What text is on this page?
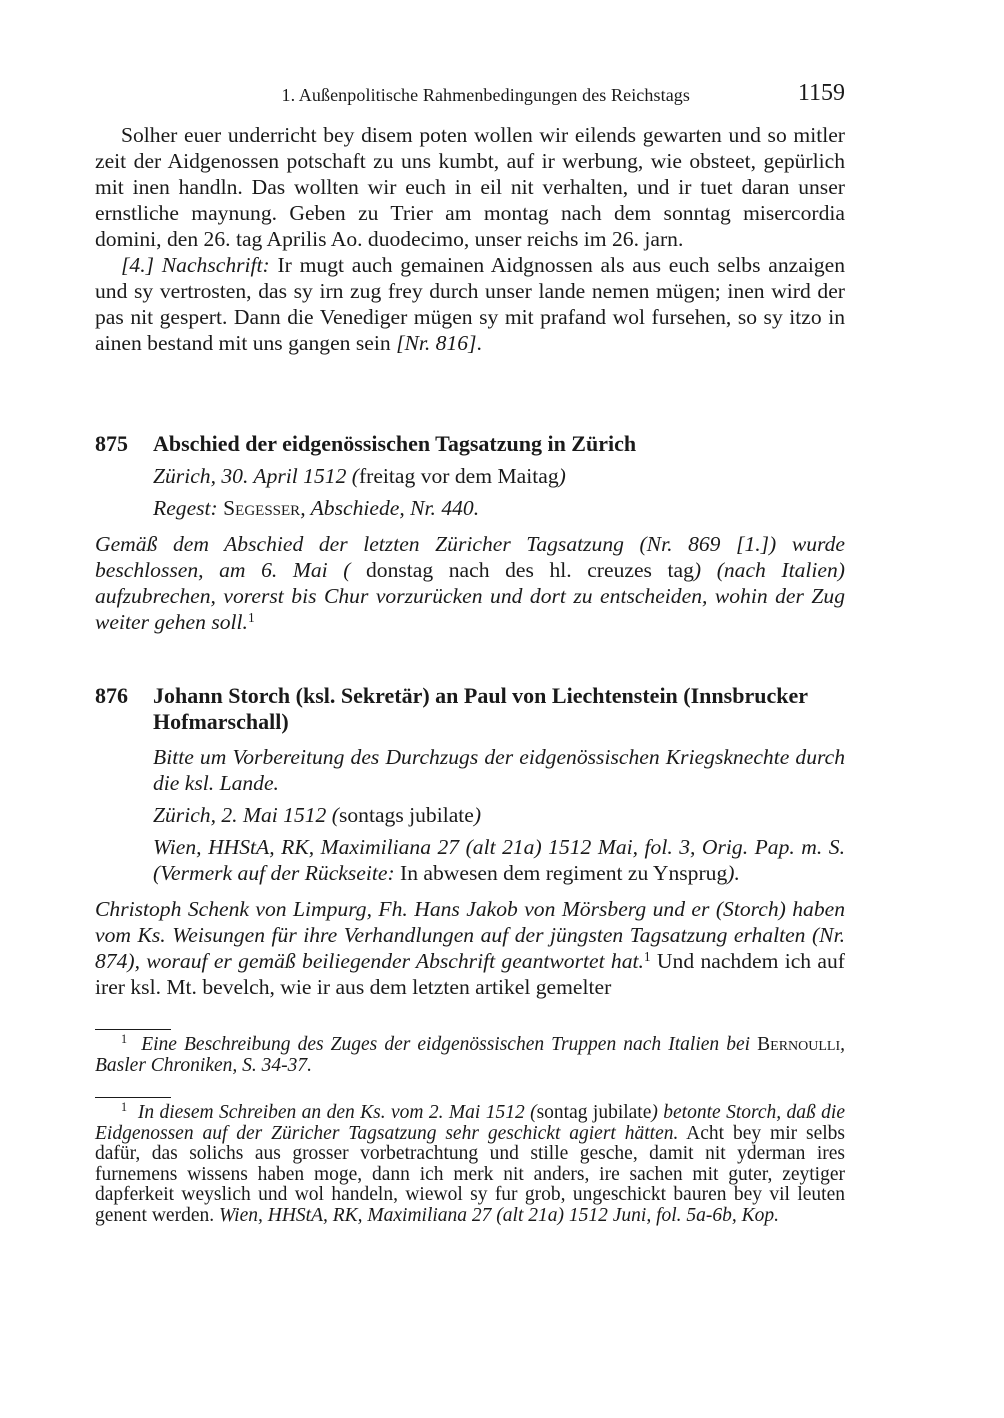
1. Außenpolitische Rahmenbedingungen des Reichstags	1159

Solher euer underricht bey disem poten wollen wir eilends gewarten und so mitler zeit der Aidgenossen potschaft zu uns kumbt, auf ir werbung, wie obsteet, gepürlich mit inen handln. Das wollten wir euch in eil nit verhalten, und ir tuet daran unser ernstliche maynung. Geben zu Trier am montag nach dem sonntag misercordia domini, den 26. tag Aprilis Ao. duodecimo, unser reichs im 26. jarn.

[4.] Nachschrift: Ir mugt auch gemainen Aidgnossen als aus euch selbs anzaigen und sy vertrosten, das sy irn zug frey durch unser lande nemen mügen; inen wird der pas nit gespert. Dann die Venediger mügen sy mit prafand wol fursehen, so sy itzo in ainen bestand mit uns gangen sein [Nr. 816].

875 Abschied der eidgenössischen Tagsatzung in Zürich

Zürich, 30. April 1512 (freitag vor dem Maitag)

Regest: Segesser, Abschiede, Nr. 440.

Gemäß dem Abschied der letzten Züricher Tagsatzung (Nr. 869 [1.]) wurde beschlossen, am 6. Mai ( donstag nach des hl. creuzes tag) (nach Italien) aufzubrechen, vorerst bis Chur vorzurücken und dort zu entscheiden, wohin der Zug weiter gehen soll.$^1$

876 Johann Storch (ksl. Sekretär) an Paul von Liechtenstein (Innsbrucker Hofmarschall)

Bitte um Vorbereitung des Durchzugs der eidgenössischen Kriegsknechte durch die ksl. Lande.

Zürich, 2. Mai 1512 (sontags jubilate)

Wien, HHStA, RK, Maximiliana 27 (alt 21a) 1512 Mai, fol. 3, Orig. Pap. m. S. (Vermerk auf der Rückseite: In abwesen dem regiment zu Ynsprug).

Christoph Schenk von Limpurg, Fh. Hans Jakob von Mörsberg und er (Storch) haben vom Ks. Weisungen für ihre Verhandlungen auf der jüngsten Tagsatzung erhalten (Nr. 874), worauf er gemäß beiliegender Abschrift geantwortet hat.$^1$ Und nachdem ich auf irer ksl. Mt. bevelch, wie ir aus dem letzten artikel gemelter

$^1$ Eine Beschreibung des Zuges der eidgenössischen Truppen nach Italien bei Bernoulli, Basler Chroniken, S. 34-37.

$^1$ In diesem Schreiben an den Ks. vom 2. Mai 1512 (sontag jubilate) betonte Storch, daß die Eidgenossen auf der Züricher Tagsatzung sehr geschickt agiert hätten. Acht bey mir selbs dafür, das solichs aus grosser vorbetrachtung und stille gesche, damit nit yderman ires furnemens wissens haben moge, dann ich merk nit anders, ire sachen mit guter, zeytiger dapferkeit weyslich und wol handeln, wiewol sy fur grob, ungeschickt bauren bey vil leuten genent werden. Wien, HHStA, RK, Maximiliana 27 (alt 21a) 1512 Juni, fol. 5a-6b, Kop.
